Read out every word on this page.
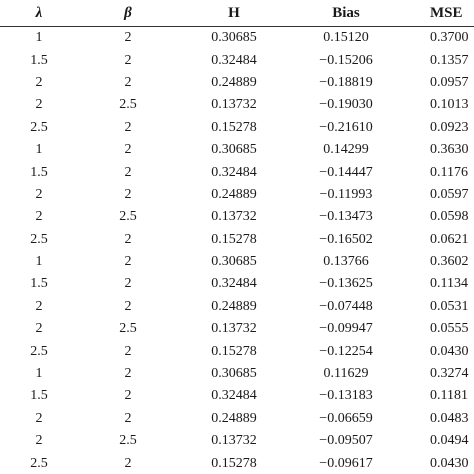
λ	β	H	Bias	MSE
1	2	0.30685	0.15120	0.3700
1.5	2	0.32484	−0.15206	0.1357
2	2	0.24889	−0.18819	0.0957
2	2.5	0.13732	−0.19030	0.1013
2.5	2	0.15278	−0.21610	0.0923
1	2	0.30685	0.14299	0.3630
1.5	2	0.32484	−0.14447	0.1176
2	2	0.24889	−0.11993	0.0597
2	2.5	0.13732	−0.13473	0.0598
2.5	2	0.15278	−0.16502	0.0621
1	2	0.30685	0.13766	0.3602
1.5	2	0.32484	−0.13625	0.1134
2	2	0.24889	−0.07448	0.0531
2	2.5	0.13732	−0.09947	0.0555
2.5	2	0.15278	−0.12254	0.0430
1	2	0.30685	0.11629	0.3274
1.5	2	0.32484	−0.13183	0.1181
2	2	0.24889	−0.06659	0.0483
2	2.5	0.13732	−0.09507	0.0494
2.5	2	0.15278	−0.09617	0.0430
